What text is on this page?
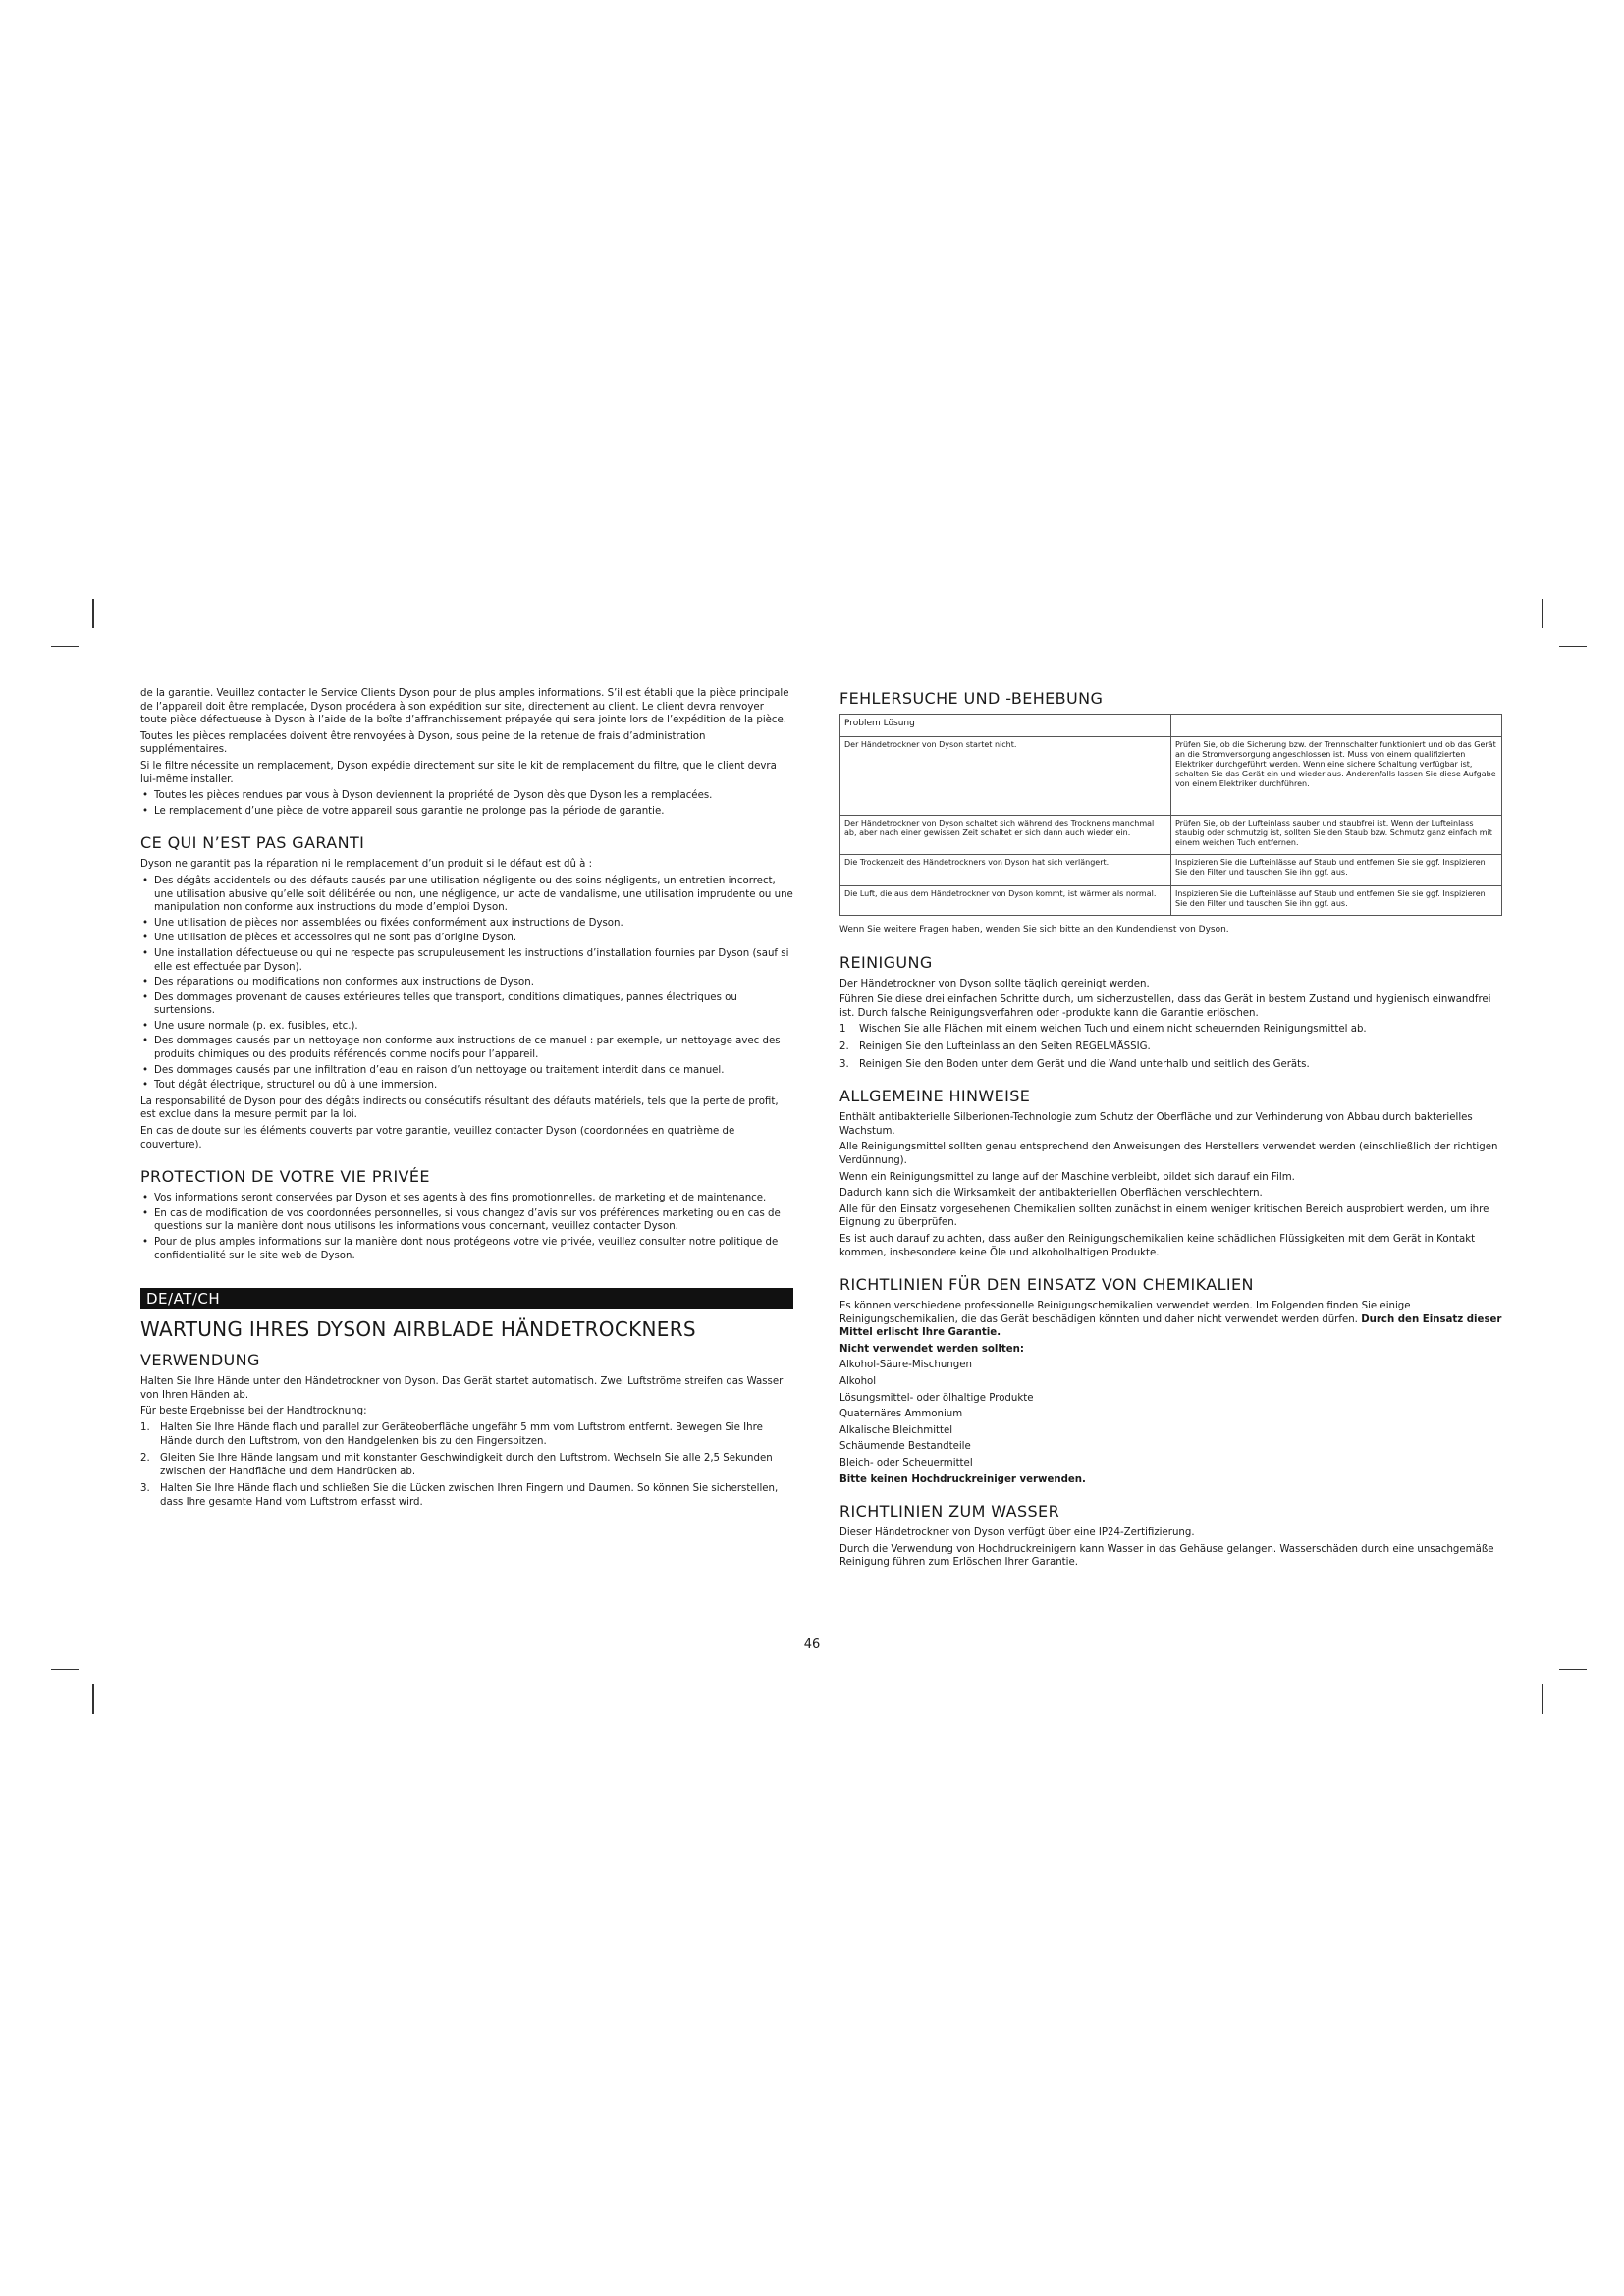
de la garantie. Veuillez contacter le Service Clients Dyson pour de plus amples informations. S’il est établi que la pièce principale de l’appareil doit être remplacée, Dyson procédera à son expédition sur site, directement au client. Le client devra renvoyer toute pièce défectueuse à Dyson à l’aide de la boîte d’affranchissement prépayée qui sera jointe lors de l’expédition de la pièce.

Toutes les pièces remplacées doivent être renvoyées à Dyson, sous peine de la retenue de frais d’administration supplémentaires.

Si le filtre nécessite un remplacement, Dyson expédie directement sur site le kit de remplacement du filtre, que le client devra lui-même installer.

• Toutes les pièces rendues par vous à Dyson deviennent la propriété de Dyson dès que Dyson les a remplacées.
• Le remplacement d’une pièce de votre appareil sous garantie ne prolonge pas la période de garantie.
CE QUI N’EST PAS GARANTI

Dyson ne garantit pas la réparation ni le remplacement d’un produit si le défaut est dû à :

• Des dégâts accidentels ou des défauts causés par une utilisation négligente ou des soins négligents, un entretien incorrect, une utilisation abusive qu’elle soit délibérée ou non, une négligence, un acte de vandalisme, une utilisation imprudente ou une manipulation non conforme aux instructions du mode d’emploi Dyson.
• Une utilisation de pièces non assemblées ou fixées conformément aux instructions de Dyson.
• Une utilisation de pièces et accessoires qui ne sont pas d’origine Dyson.
• Une installation défectueuse ou qui ne respecte pas scrupuleusement les instructions d’installation fournies par Dyson (sauf si elle est effectuée par Dyson).
• Des réparations ou modifications non conformes aux instructions de Dyson.
• Des dommages provenant de causes extérieures telles que transport, conditions climatiques, pannes électriques ou surtensions.
• Une usure normale (p. ex. fusibles, etc.).
• Des dommages causés par un nettoyage non conforme aux instructions de ce manuel : par exemple, un nettoyage avec des produits chimiques ou des produits référencés comme nocifs pour l’appareil.
• Des dommages causés par une infiltration d’eau en raison d’un nettoyage ou traitement interdit dans ce manuel.
• Tout dégât électrique, structurel ou dû à une immersion.

La responsabilité de Dyson pour des dégâts indirects ou consécutifs résultant des défauts matériels, tels que la perte de profit, est exclue dans la mesure permit par la loi.

En cas de doute sur les éléments couverts par votre garantie, veuillez contacter Dyson (coordonnées en quatrième de couverture).

PROTECTION DE VOTRE VIE PRIVÉE
• Vos informations seront conservées par Dyson et ses agents à des fins promotionnelles, de marketing et de maintenance.
• En cas de modification de vos coordonnées personnelles, si vous changez d’avis sur vos préférences marketing ou en cas de questions sur la manière dont nous utilisons les informations vous concernant, veuillez contacter Dyson.
• Pour de plus amples informations sur la manière dont nous protégeons votre vie privée, veuillez consulter notre politique de confidentialité sur le site web de Dyson.
DE/AT/CH
WARTUNG IHRES DYSON AIRBLADE HÄNDETROCKNERS
VERWENDUNG

Halten Sie Ihre Hände unter den Händetrockner von Dyson. Das Gerät startet automatisch. Zwei Luftströme streifen das Wasser von Ihren Händen ab.

Für beste Ergebnisse bei der Handtrocknung:

1. Halten Sie Ihre Hände flach und parallel zur Geräteoberfläche ungefähr 5 mm vom Luftstrom entfernt. Bewegen Sie Ihre Hände durch den Luftstrom, von den Handgelenken bis zu den Fingerspitzen.
2. Gleiten Sie Ihre Hände langsam und mit konstanter Geschwindigkeit durch den Luftstrom. Wechseln Sie alle 2,5 Sekunden zwischen der Handfläche und dem Handrücken ab.
3. Halten Sie Ihre Hände flach und schließen Sie die Lücken zwischen Ihren Fingern und Daumen. So können Sie sicherstellen, dass Ihre gesamte Hand vom Luftstrom erfasst wird.
FEHLERSUCHE UND -BEHEBUNG
Problem Lösung	
Der Händetrockner von Dyson startet nicht.	Prüfen Sie, ob die Sicherung bzw. der Trennschalter funktioniert und ob das Gerät an die Stromversorgung angeschlossen ist. Muss von einem qualifizierten Elektriker durchgeführt werden. Wenn eine sichere Schaltung verfügbar ist, schalten Sie das Gerät ein und wieder aus. Anderenfalls lassen Sie diese Aufgabe von einem Elektriker durchführen.
Der Händetrockner von Dyson schaltet sich während des Trocknens manchmal ab, aber nach einer gewissen Zeit schaltet er sich dann auch wieder ein.	Prüfen Sie, ob der Lufteinlass sauber und staubfrei ist. Wenn der Lufteinlass staubig oder schmutzig ist, sollten Sie den Staub bzw. Schmutz ganz einfach mit einem weichen Tuch entfernen.
Die Trockenzeit des Händetrockners von Dyson hat sich verlängert.	Inspizieren Sie die Lufteinlässe auf Staub und entfernen Sie sie ggf. Inspizieren Sie den Filter und tauschen Sie ihn ggf. aus.
Die Luft, die aus dem Händetrockner von Dyson kommt, ist wärmer als normal.	Inspizieren Sie die Lufteinlässe auf Staub und entfernen Sie sie ggf. Inspizieren Sie den Filter und tauschen Sie ihn ggf. aus.

Wenn Sie weitere Fragen haben, wenden Sie sich bitte an den Kundendienst von Dyson.

REINIGUNG

Der Händetrockner von Dyson sollte täglich gereinigt werden.

Führen Sie diese drei einfachen Schritte durch, um sicherzustellen, dass das Gerät in bestem Zustand und hygienisch einwandfrei ist. Durch falsche Reinigungsverfahren oder -produkte kann die Garantie erlöschen.

1 Wischen Sie alle Flächen mit einem weichen Tuch und einem nicht scheuernden Reinigungsmittel ab.
2. Reinigen Sie den Lufteinlass an den Seiten REGELMÄSSIG.
3. Reinigen Sie den Boden unter dem Gerät und die Wand unterhalb und seitlich des Geräts.
ALLGEMEINE HINWEISE

Enthält antibakterielle Silberionen-Technologie zum Schutz der Oberfläche und zur Verhinderung von Abbau durch bakterielles Wachstum.

Alle Reinigungsmittel sollten genau entsprechend den Anweisungen des Herstellers verwendet werden (einschließlich der richtigen Verdünnung).

Wenn ein Reinigungsmittel zu lange auf der Maschine verbleibt, bildet sich darauf ein Film.

Dadurch kann sich die Wirksamkeit der antibakteriellen Oberflächen verschlechtern.

Alle für den Einsatz vorgesehenen Chemikalien sollten zunächst in einem weniger kritischen Bereich ausprobiert werden, um ihre Eignung zu überprüfen.

Es ist auch darauf zu achten, dass außer den Reinigungschemikalien keine schädlichen Flüssigkeiten mit dem Gerät in Kontakt kommen, insbesondere keine Öle und alkoholhaltigen Produkte.

RICHTLINIEN FÜR DEN EINSATZ VON CHEMIKALIEN

Es können verschiedene professionelle Reinigungschemikalien verwendet werden. Im Folgenden finden Sie einige Reinigungschemikalien, die das Gerät beschädigen könnten und daher nicht verwendet werden dürfen. Durch den Einsatz dieser Mittel erlischt Ihre Garantie.

Nicht verwendet werden sollten:

Alkohol-Säure-Mischungen

Alkohol

Lösungsmittel- oder ölhaltige Produkte

Quaternäres Ammonium

Alkalische Bleichmittel

Schäumende Bestandteile

Bleich- oder Scheuermittel

Bitte keinen Hochdruckreiniger verwenden.

RICHTLINIEN ZUM WASSER

Dieser Händetrockner von Dyson verfügt über eine IP24-Zertifizierung.

Durch die Verwendung von Hochdruckreinigern kann Wasser in das Gehäuse gelangen. Wasserschäden durch eine unsachgemäße Reinigung führen zum Erlöschen Ihrer Garantie.

46
